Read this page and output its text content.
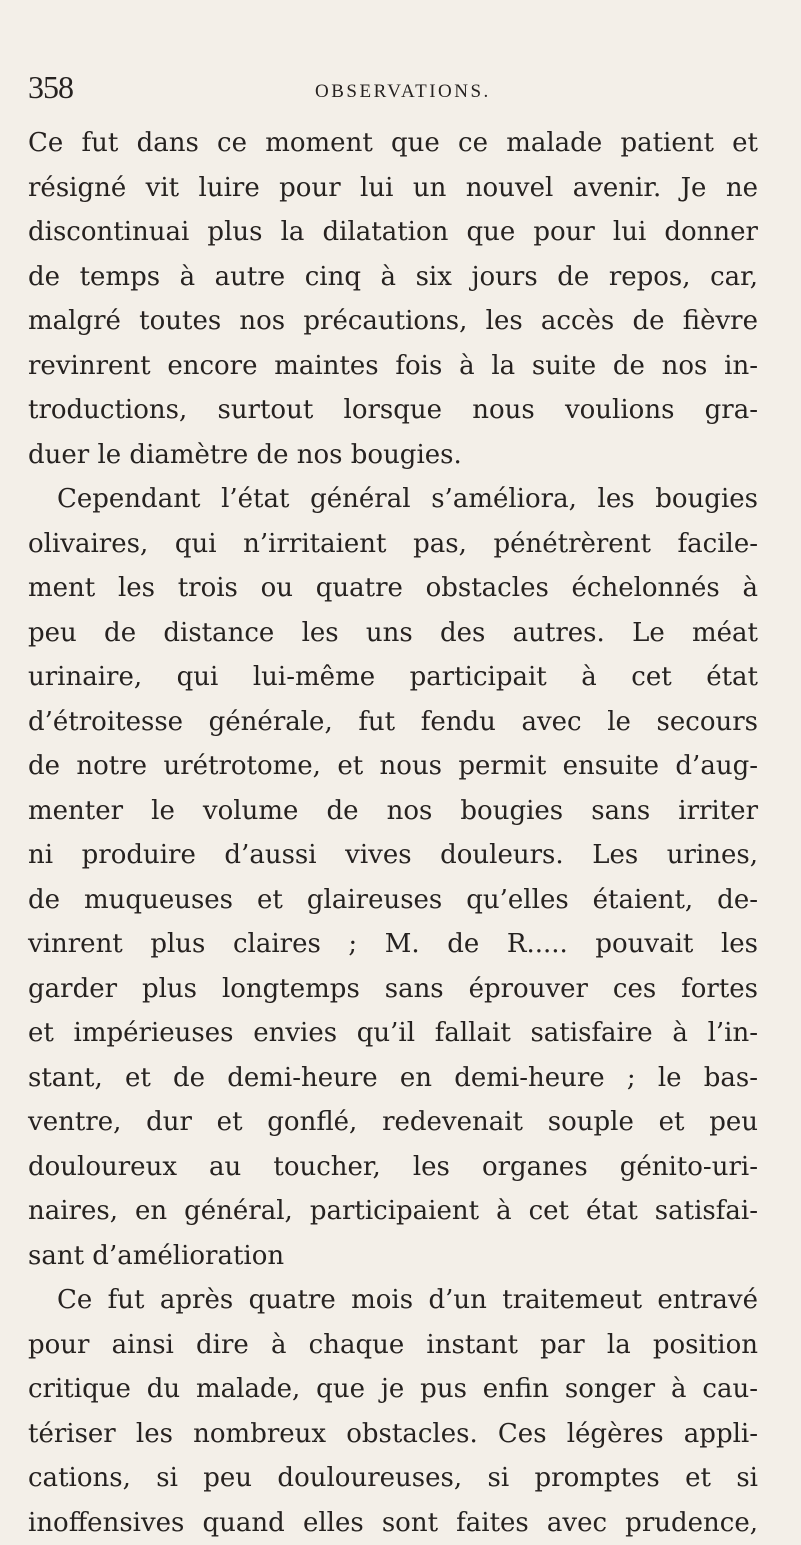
358	OBSERVATIONS.
Ce fut dans ce moment que ce malade patient et
résigné vit luire pour lui un nouvel avenir. Je ne
discontinuai plus la dilatation que pour lui donner
de temps à autre cinq à six jours de repos, car,
malgré toutes nos précautions, les accès de fièvre
revinrent encore maintes fois à la suite de nos in-
troductions, surtout lorsque nous voulions gra-
duer le diamètre de nos bougies.
Cependant l’état général s’améliora, les bougies
olivaires, qui n’irritaient pas, pénétrèrent facile-
ment les trois ou quatre obstacles échelonnés à
peu de distance les uns des autres. Le méat
urinaire, qui lui-même participait à cet état
d’étroitesse générale, fut fendu avec le secours
de notre urétrotome, et nous permit ensuite d’aug-
menter le volume de nos bougies sans irriter
ni produire d’aussi vives douleurs. Les urines,
de muqueuses et glaireuses qu’elles étaient, de-
vinrent plus claires ; M. de R..... pouvait les
garder plus longtemps sans éprouver ces fortes
et impérieuses envies qu’il fallait satisfaire à l’in-
stant, et de demi-heure en demi-heure ; le bas-
ventre, dur et gonflé, redevenait souple et peu
douloureux au toucher, les organes génito-uri-
naires, en général, participaient à cet état satisfai-
sant d’amélioration
Ce fut après quatre mois d’un traitemeut entravé
pour ainsi dire à chaque instant par la position
critique du malade, que je pus enfin songer à cau-
tériser les nombreux obstacles. Ces légères appli-
cations, si peu douloureuses, si promptes et si
inoffensives quand elles sont faites avec prudence,
